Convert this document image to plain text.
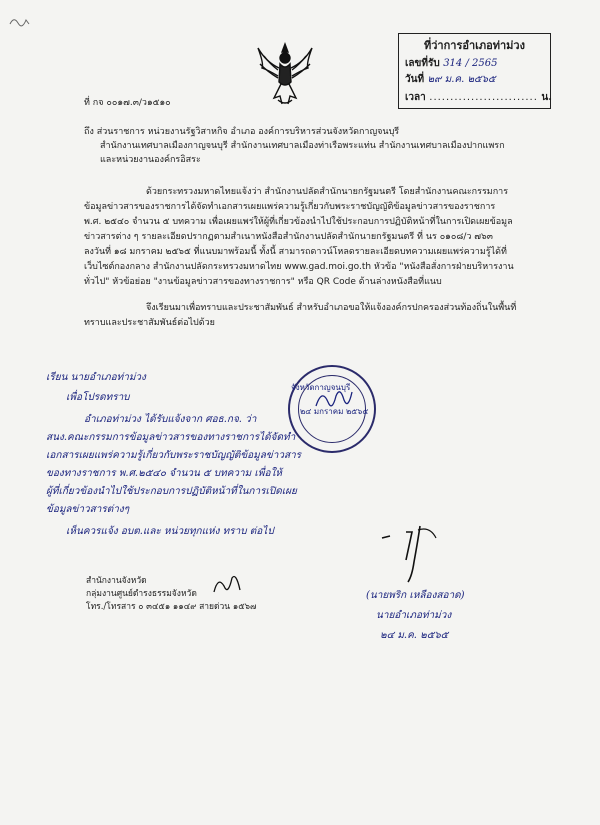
ที่ว่าการอำเภอท่าม่วง
เลขที่รับ 314 / 2565
วันที่ ๒๙ ม.ค. ๒๕๖๕
เวลา .......................... น.
ที่ กจ ๐๐๑๗.๓/ว๑๕๑๐
ถึง ส่วนราชการ หน่วยงานรัฐวิสาหกิจ อำเภอ องค์การบริหารส่วนจังหวัดกาญจนบุรี
สำนักงานเทศบาลเมืองกาญจนบุรี สำนักงานเทศบาลเมืองท่าเรือพระแท่น สำนักงานเทศบาลเมืองปากแพรก
และหน่วยงานองค์กรอิสระ
ด้วยกระทรวงมหาดไทยแจ้งว่า สำนักงานปลัดสำนักนายกรัฐมนตรี โดยสำนักงานคณะกรรมการ
ข้อมูลข่าวสารของราชการได้จัดทำเอกสารเผยแพร่ความรู้เกี่ยวกับพระราชบัญญัติข้อมูลข่าวสารของราชการ
พ.ศ. ๒๕๔๐ จำนวน ๕ บทความ เพื่อเผยแพร่ให้ผู้ที่เกี่ยวข้องนำไปใช้ประกอบการปฏิบัติหน้าที่ในการเปิดเผยข้อมูล
ข่าวสารต่าง ๆ รายละเอียดปรากฏตามสำเนาหนังสือสำนักงานปลัดสำนักนายกรัฐมนตรี ที่ นร ๐๑๐๘/ว ๗๖๓
ลงวันที่ ๑๘ มกราคม ๒๕๖๕ ที่แนบมาพร้อมนี้ ทั้งนี้ สามารถดาวน์โหลดรายละเอียดบทความเผยแพร่ความรู้ได้ที่
เว็บไซต์กองกลาง สำนักงานปลัดกระทรวงมหาดไทย www.gad.moi.go.th หัวข้อ "หนังสือสั่งการฝ่ายบริหารงาน
ทั่วไป" หัวข้อย่อย "งานข้อมูลข่าวสารของทางราชการ" หรือ QR Code ด้านล่างหนังสือที่แนบ
จึงเรียนมาเพื่อทราบและประชาสัมพันธ์ สำหรับอำเภอขอให้แจ้งองค์กรปกครองส่วนท้องถิ่นในพื้นที่
ทราบและประชาสัมพันธ์ต่อไปด้วย
จังหวัดกาญจนบุรี
๒๔ มกราคม ๒๕๖๕
เรียน นายอำเภอท่าม่วง
เพื่อโปรดทราบ
อำเภอท่าม่วง ได้รับแจ้งจาก ศอธ.กจ. ว่า
สนง.คณะกรรมการข้อมูลข่าวสารของทางราชการได้จัดทำ
เอกสารเผยแพร่ความรู้เกี่ยวกับพระราชบัญญัติข้อมูลข่าวสาร
ของทางราชการ พ.ศ.๒๕๔๐ จำนวน ๕ บทความ เพื่อให้
ผู้ที่เกี่ยวข้องนำไปใช้ประกอบการปฏิบัติหน้าที่ในการเปิดเผย
ข้อมูลข่าวสารต่างๆ
เห็นควรแจ้ง อบต.และ หน่วยทุกแห่ง ทราบ ต่อไป
(นายพริก เหลืองสอาด)
นายอำเภอท่าม่วง
๒๔ ม.ค. ๒๕๖๕
สำนักงานจังหวัด
กลุ่มงานศูนย์ดำรงธรรมจังหวัด
โทร./โทรสาร ๐ ๓๔๕๑ ๑๑๔๙ สายด่วน ๑๕๖๗
